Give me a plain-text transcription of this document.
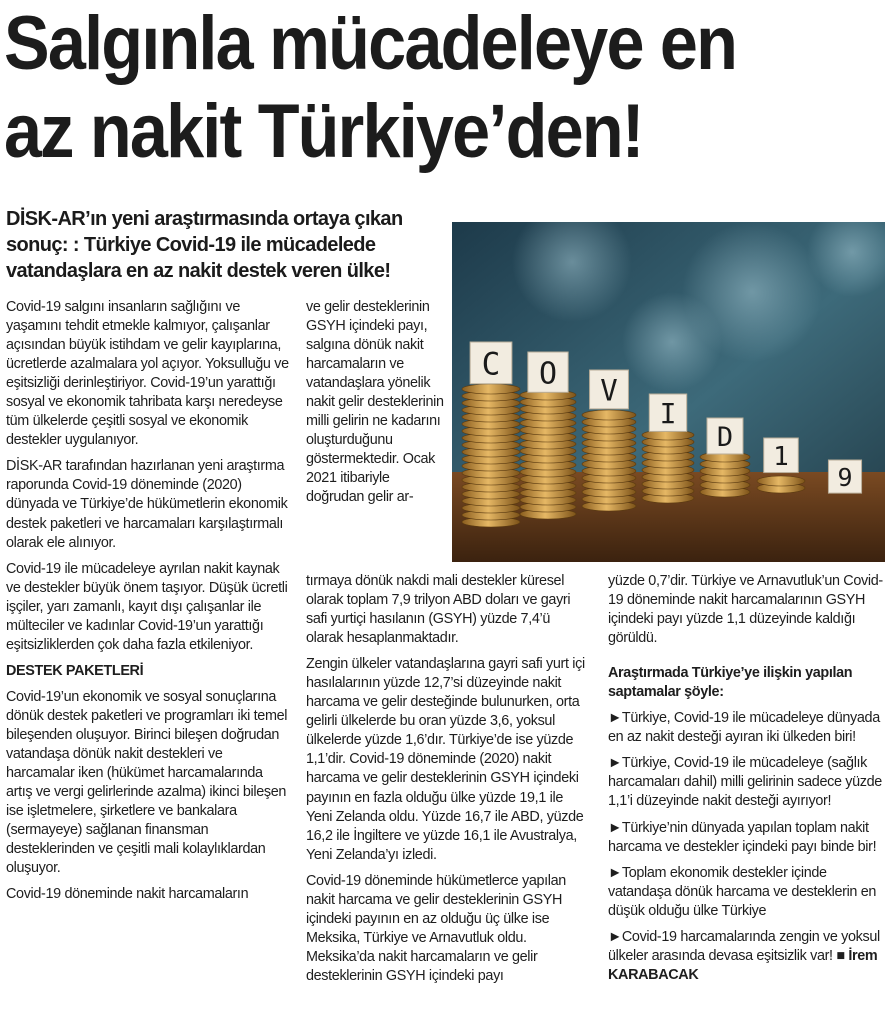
Salgınla mücadeleye en
az nakit Türkiye’den!
DİSK-AR’ın yeni araştırmasında ortaya çıkan sonuç: : Türkiye Covid-19 ile mücadelede vatandaşlara en az nakit destek veren ülke!
C O V
I
D
1
9

Covid-19 salgını insanların sağlığını ve yaşamını tehdit etmekle kalmıyor, çalışanlar açısından büyük istihdam ve gelir kayıplarına, ücretlerde azalmalara yol açıyor. Yoksulluğu ve eşitsizliği derinleştiriyor. Covid-19’un yarattığı sosyal ve ekonomik tahribata karşı neredeyse tüm ülkelerde çeşitli sosyal ve ekonomik destekler uygulanıyor.

DİSK-AR tarafından hazırlanan yeni araştırma raporunda Covid-19 döneminde (2020) dünyada ve Türkiye’de hükümetlerin ekonomik destek paketleri ve harcamaları karşılaştırmalı olarak ele alınıyor.

Covid-19 ile mücadeleye ayrılan nakit kaynak ve destekler büyük önem taşıyor. Düşük ücretli işçiler, yarı zamanlı, kayıt dışı çalışanlar ile mülteciler ve kadınlar Covid-19’un yarattığı eşitsizliklerden çok daha fazla etkileniyor.

DESTEK PAKETLERİ

Covid-19’un ekonomik ve sosyal sonuçlarına dönük destek paketleri ve programları iki temel bileşenden oluşuyor. Birinci bileşen doğrudan vatandaşa dönük nakit destekleri ve harcamalar iken (hükümet harcamalarında artış ve vergi gelirlerinde azalma) ikinci bileşen ise işletmelere, şirketlere ve bankalara (sermayeye) sağlanan finansman desteklerinden ve çeşitli mali kolaylıklardan oluşuyor.

Covid-19 döneminde nakit harcamaların

ve gelir desteklerinin GSYH içindeki payı, salgına dönük nakit harcamaların ve vatandaşlara yönelik nakit gelir desteklerinin milli gelirin ne kadarını oluşturduğunu göstermektedir. Ocak 2021 itibariyle doğrudan gelir ar-

tırmaya dönük nakdi mali destekler küresel olarak toplam 7,9 trilyon ABD doları ve gayri safi yurtiçi hasılanın (GSYH) yüzde 7,4’ü olarak hesaplanmaktadır.

Zengin ülkeler vatandaşlarına gayri safi yurt içi hasılalarının yüzde 12,7’si düzeyinde nakit harcama ve gelir desteğinde bulunurken, orta gelirli ülkelerde bu oran yüzde 3,6, yoksul ülkelerde yüzde 1,6’dır. Türkiye’de ise yüzde 1,1’dir. Covid-19 döneminde (2020) nakit harcama ve gelir desteklerinin GSYH içindeki payının en fazla olduğu ülke yüzde 19,1 ile Yeni Zelanda oldu. Yüzde 16,7 ile ABD, yüzde 16,2 ile İngiltere ve yüzde 16,1 ile Avustralya, Yeni Zelanda’yı izledi.

Covid-19 döneminde hükümetlerce yapılan nakit harcama ve gelir desteklerinin GSYH içindeki payının en az olduğu üç ülke ise Meksika, Türkiye ve Arnavutluk oldu. Meksika’da nakit harcamaların ve gelir desteklerinin GSYH içindeki payı

yüzde 0,7’dir. Türkiye ve Arnavutluk’un Covid-19 döneminde nakit harcamalarının GSYH içindeki payı yüzde 1,1 düzeyinde kaldığı görüldü.

Araştırmada Türkiye’ye ilişkin yapılan saptamalar şöyle:

►Türkiye, Covid-19 ile mücadeleye dünyada en az nakit desteği ayıran iki ülkeden biri!

►Türkiye, Covid-19 ile mücadeleye (sağlık harcamaları dahil) milli gelirinin sadece yüzde 1,1’i düzeyinde nakit desteği ayırıyor!

►Türkiye’nin dünyada yapılan toplam nakit harcama ve destekler içindeki payı binde bir!

►Toplam ekonomik destekler içinde vatandaşa dönük harcama ve desteklerin en düşük olduğu ülke Türkiye

►Covid-19 harcamalarında zengin ve yoksul ülkeler arasında devasa eşitsizlik var! ■ İrem KARABACAK
